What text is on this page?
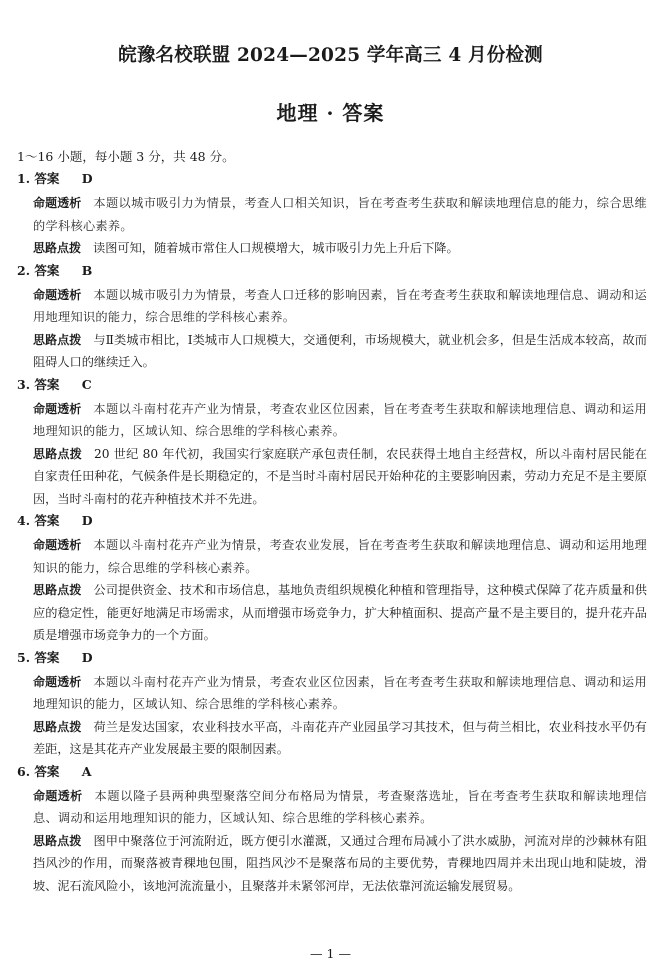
皖豫名校联盟 2024—2025 学年高三 4 月份检测
地理 · 答案
1～16 小题，每小题 3 分，共 48 分。
1. 答案 D
命题透析 本题以城市吸引力为情景，考查人口相关知识，旨在考查考生获取和解读地理信息的能力，综合思维的学科核心素养。
思路点拨 读图可知，随着城市常住人口规模增大，城市吸引力先上升后下降。
2. 答案 B
命题透析 本题以城市吸引力为情景，考查人口迁移的影响因素，旨在考查考生获取和解读地理信息、调动和运用地理知识的能力，综合思维的学科核心素养。
思路点拨 与Ⅱ类城市相比，Ⅰ类城市人口规模大，交通便利，市场规模大，就业机会多，但是生活成本较高，故而阻碍人口的继续迁入。
3. 答案 C
命题透析 本题以斗南村花卉产业为情景，考查农业区位因素，旨在考查考生获取和解读地理信息、调动和运用地理知识的能力，区域认知、综合思维的学科核心素养。
思路点拨 20 世纪 80 年代初，我国实行家庭联产承包责任制，农民获得土地自主经营权，所以斗南村居民能在自家责任田种花，气候条件是长期稳定的，不是当时斗南村居民开始种花的主要影响因素，劳动力充足不是主要原因，当时斗南村的花卉种植技术并不先进。
4. 答案 D
命题透析 本题以斗南村花卉产业为情景，考查农业发展，旨在考查考生获取和解读地理信息、调动和运用地理知识的能力，综合思维的学科核心素养。
思路点拨 公司提供资金、技术和市场信息，基地负责组织规模化种植和管理指导，这种模式保障了花卉质量和供应的稳定性，能更好地满足市场需求，从而增强市场竞争力，扩大种植面积、提高产量不是主要目的，提升花卉品质是增强市场竞争力的一个方面。
5. 答案 D
命题透析 本题以斗南村花卉产业为情景，考查农业区位因素，旨在考查考生获取和解读地理信息、调动和运用地理知识的能力，区域认知、综合思维的学科核心素养。
思路点拨 荷兰是发达国家，农业科技水平高，斗南花卉产业园虽学习其技术，但与荷兰相比，农业科技水平仍有差距，这是其花卉产业发展最主要的限制因素。
6. 答案 A
命题透析 本题以隆子县两种典型聚落空间分布格局为情景，考查聚落选址，旨在考查考生获取和解读地理信息、调动和运用地理知识的能力，区域认知、综合思维的学科核心素养。
思路点拨 图甲中聚落位于河流附近，既方便引水灌溉，又通过合理布局减小了洪水威胁，河流对岸的沙棘林有阻挡风沙的作用，而聚落被青稞地包围，阻挡风沙不是聚落布局的主要优势，青稞地四周并未出现山地和陡坡，滑坡、泥石流风险小，该地河流流量小，且聚落并未紧邻河岸，无法依靠河流运输发展贸易。
— 1 —
